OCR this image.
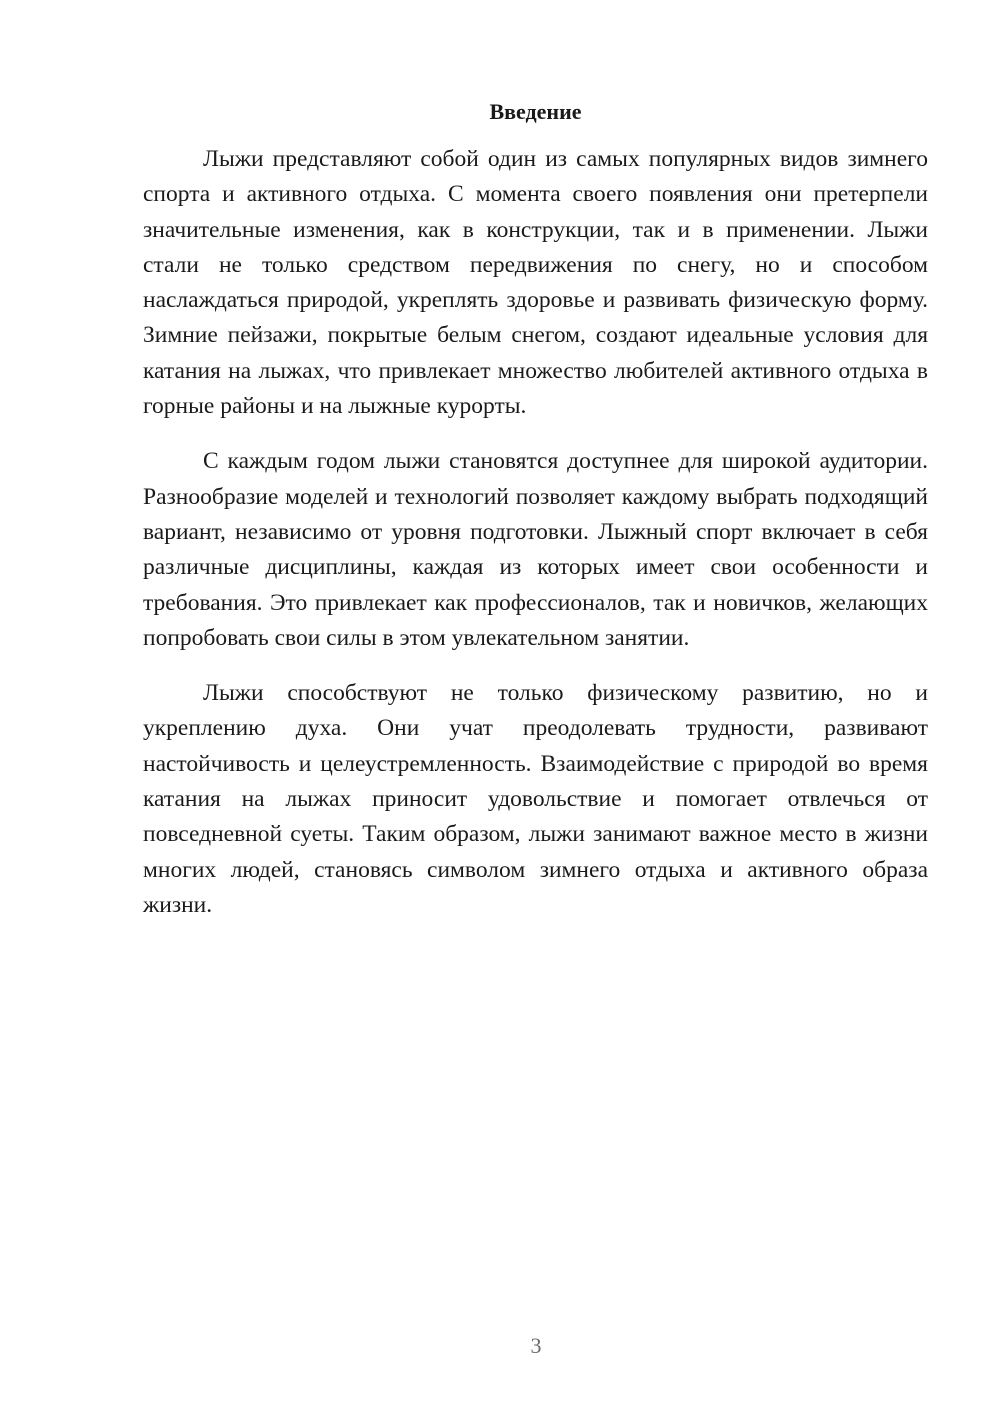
Введение

Лыжи представляют собой один из самых популярных видов зимнего спорта и активного отдыха. С момента своего появления они претерпели значительные изменения, как в конструкции, так и в применении. Лыжи стали не только средством передвижения по снегу, но и способом наслаждаться природой, укреплять здоровье и развивать физическую форму. Зимние пейзажи, покрытые белым снегом, создают идеальные условия для катания на лыжах, что привлекает множество любителей активного отдыха в горные районы и на лыжные курорты.

С каждым годом лыжи становятся доступнее для широкой аудитории. Разнообразие моделей и технологий позволяет каждому выбрать подходящий вариант, независимо от уровня подготовки. Лыжный спорт включает в себя различные дисциплины, каждая из которых имеет свои особенности и требования. Это привлекает как профессионалов, так и новичков, желающих попробовать свои силы в этом увлекательном занятии.

Лыжи способствуют не только физическому развитию, но и укреплению духа. Они учат преодолевать трудности, развивают настойчивость и целеустремленность. Взаимодействие с природой во время катания на лыжах приносит удовольствие и помогает отвлечься от повседневной суеты. Таким образом, лыжи занимают важное место в жизни многих людей, становясь символом зимнего отдыха и активного образа жизни.

3
